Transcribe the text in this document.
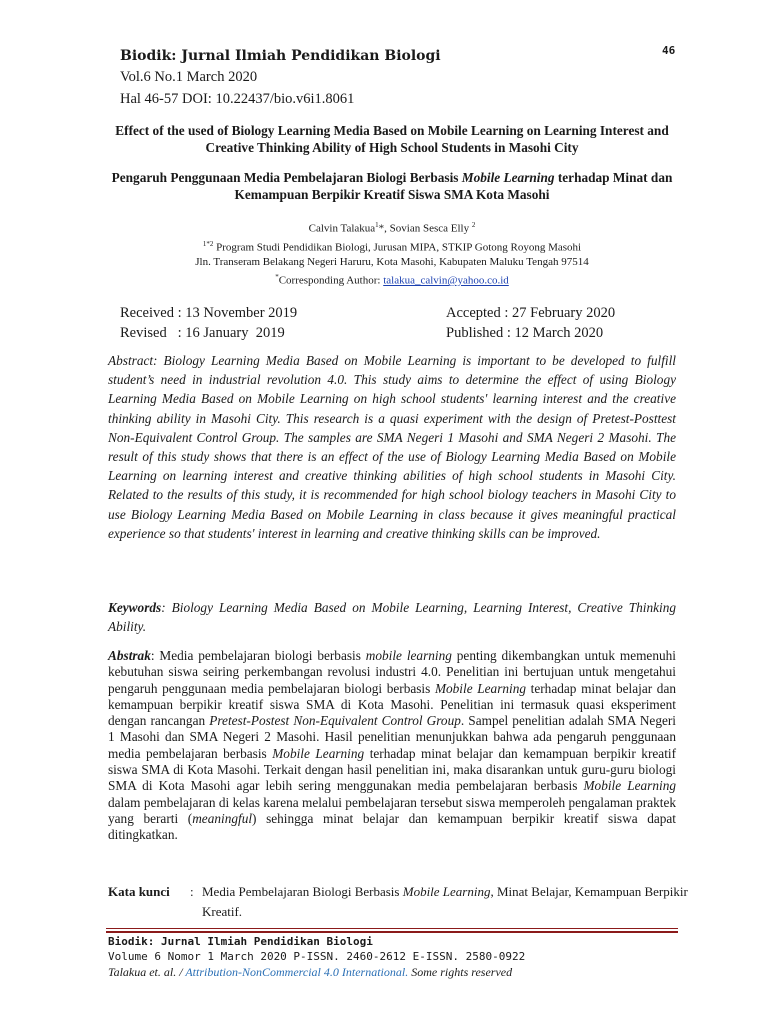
46

Biodik: Jurnal Ilmiah Pendidikan Biologi

Vol.6 No.1 March 2020

Hal 46-57 DOI: 10.22437/bio.v6i1.8061

Effect of the used of Biology Learning Media Based on Mobile Learning on Learning Interest and Creative Thinking Ability of High School Students in Masohi City
Pengaruh Penggunaan Media Pembelajaran Biologi Berbasis Mobile Learning terhadap Minat dan Kemampuan Berpikir Kreatif Siswa SMA Kota Masohi
Calvin Talakua$^1$*, Sovian Sesca Elly $^2$
$^{1*2}$ Program Studi Pendidikan Biologi, Jurusan MIPA, STKIP Gotong Royong Masohi
Jln. Transeram Belakang Negeri Haruru, Kota Masohi, Kabupaten Maluku Tengah 97514
*Corresponding Author: talakua_calvin@yahoo.co.id
Received : 13 November 2019	Accepted : 27 February 2020
Revised   : 16 January  2019	Published : 12 March 2020
Abstract: Biology Learning Media Based on Mobile Learning is important to be developed to fulfill student’s need in industrial revolution 4.0. This study aims to determine the effect of using Biology Learning Media Based on Mobile Learning on high school students' learning interest and the creative thinking ability in Masohi City. This research is a quasi experiment with the design of Pretest-Posttest Non-Equivalent Control Group. The samples are SMA Negeri 1 Masohi and SMA Negeri 2 Masohi. The result of this study shows that there is an effect of the use of Biology Learning Media Based on Mobile Learning on learning interest and creative thinking abilities of high school students in Masohi City. Related to the results of this study, it is recommended for high school biology teachers in Masohi City to use Biology Learning Media Based on Mobile Learning in class because it gives meaningful practical experience so that students' interest in learning and creative thinking skills can be improved.
Keywords: Biology Learning Media Based on Mobile Learning, Learning Interest, Creative Thinking Ability.
Abstrak: Media pembelajaran biologi berbasis mobile learning penting dikembangkan untuk memenuhi kebutuhan siswa seiring perkembangan revolusi industri 4.0. Penelitian ini bertujuan untuk mengetahui pengaruh penggunaan media pembelajaran biologi berbasis Mobile Learning terhadap minat belajar dan kemampuan berpikir kreatif siswa SMA di Kota Masohi. Penelitian ini termasuk quasi eksperiment dengan rancangan Pretest-Postest Non-Equivalent Control Group. Sampel penelitian adalah SMA Negeri 1 Masohi dan SMA Negeri 2 Masohi. Hasil penelitian menunjukkan bahwa ada pengaruh penggunaan media pembelajaran berbasis Mobile Learning terhadap minat belajar dan kemampuan berpikir kreatif siswa SMA di Kota Masohi. Terkait dengan hasil penelitian ini, maka disarankan untuk guru-guru biologi SMA di Kota Masohi agar lebih sering menggunakan media pembelajaran berbasis Mobile Learning dalam pembelajaran di kelas karena melalui pembelajaran tersebut siswa memperoleh pengalaman praktek yang berarti (meaningful) sehingga minat belajar dan kemampuan berpikir kreatif siswa dapat ditingkatkan.
Kata kunci	: Media Pembelajaran Biologi Berbasis Mobile Learning, Minat Belajar, Kemampuan Berpikir Kreatif.

Biodik: Jurnal Ilmiah Pendidikan Biologi

Volume 6 Nomor 1 March 2020 P-ISSN. 2460-2612 E-ISSN. 2580-0922

Talakua et. al. / Attribution-NonCommercial 4.0 International. Some rights reserved
